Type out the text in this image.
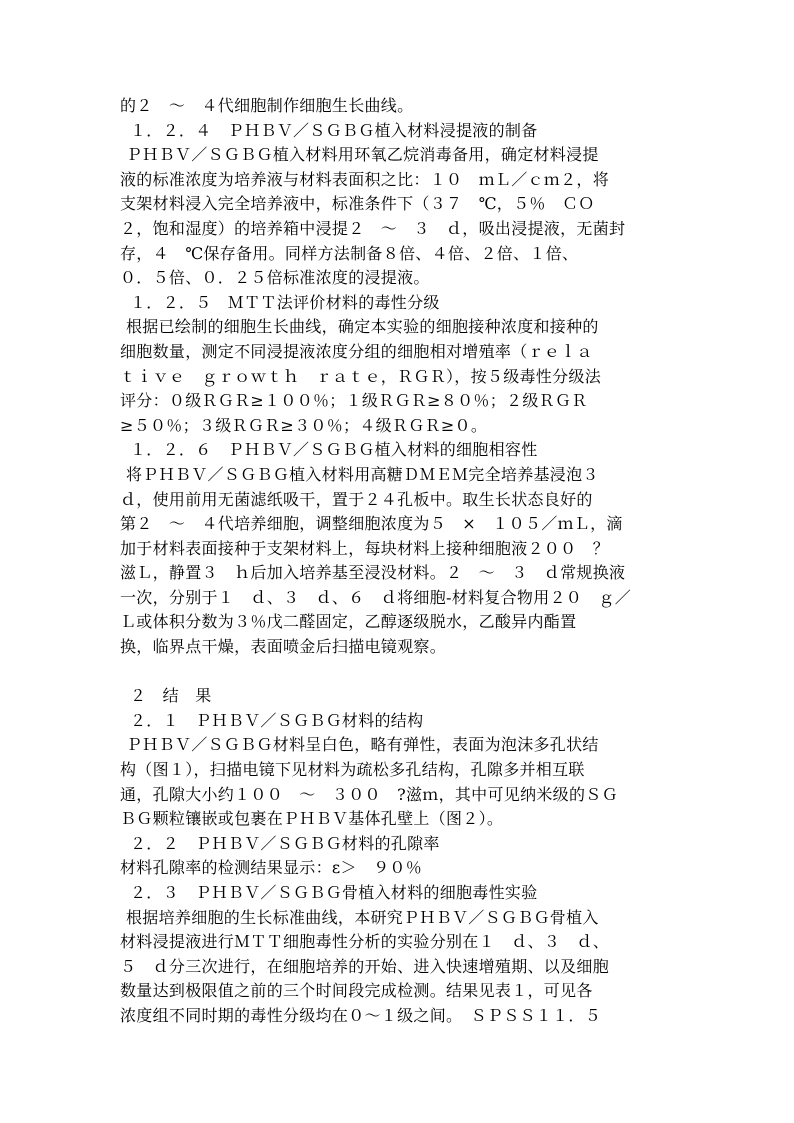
的２　～　４代细胞制作细胞生长曲线。
１．２．４　ＰＨＢＶ／ＳＧＢＧ植入材料浸提液的制备
ＰＨＢＶ／ＳＧＢＧ植入材料用环氧乙烷消毒备用，确定材料浸提
液的标准浓度为培养液与材料表面积之比：１０　ｍＬ／ｃｍ２，将
支架材料浸入完全培养液中，标准条件下（３７　℃，５％　ＣＯ
２，饱和湿度）的培养箱中浸提２　～　３　ｄ，吸出浸提液，无菌封
存，４　℃保存备用。同样方法制备８倍、４倍、２倍、１倍、
０．５倍、０．２５倍标准浓度的浸提液。
１．２．５　ＭＴＴ法评价材料的毒性分级
根据已绘制的细胞生长曲线，确定本实验的细胞接种浓度和接种的
细胞数量，测定不同浸提液浓度分组的细胞相对增殖率（ｒｅｌａ
ｔｉｖｅ　ｇｒｏｗｔｈ　ｒａｔｅ，ＲＧＲ），按５级毒性分级法
评分：０级ＲＧＲ≥１００％；１级ＲＧＲ≥８０％；２级ＲＧＲ
≥５０％；３级ＲＧＲ≥３０％；４级ＲＧＲ≥０。
１．２．６　ＰＨＢＶ／ＳＧＢＧ植入材料的细胞相容性
将ＰＨＢＶ／ＳＧＢＧ植入材料用高糖ＤＭＥＭ完全培养基浸泡３
ｄ，使用前用无菌滤纸吸干，置于２４孔板中。取生长状态良好的
第２　～　４代培养细胞，调整细胞浓度为５　×　１０５／ｍＬ，滴
加于材料表面接种于支架材料上，每块材料上接种细胞液２００　？
滋Ｌ，静置３　ｈ后加入培养基至浸没材料。２　～　３　ｄ常规换液
一次，分别于１　ｄ、３　ｄ、６　ｄ将细胞-材料复合物用２０　ｇ／
Ｌ或体积分数为３％戊二醛固定，乙醇逐级脱水，乙酸异内酯置
换，临界点干燥，表面喷金后扫描电镜观察。
２　结　果
２．１　ＰＨＢＶ／ＳＧＢＧ材料的结构
ＰＨＢＶ／ＳＧＢＧ材料呈白色，略有弹性，表面为泡沫多孔状结
构（图１），扫描电镜下见材料为疏松多孔结构，孔隙多并相互联
通，孔隙大小约１００　～　３００　?滋ｍ，其中可见纳米级的ＳＧ
ＢＧ颗粒镶嵌或包裹在ＰＨＢＶ基体孔壁上（图２）。
２．２　ＰＨＢＶ／ＳＧＢＧ材料的孔隙率
材料孔隙率的检测结果显示：ε＞　９０％
２．３　ＰＨＢＶ／ＳＧＢＧ骨植入材料的细胞毒性实验
根据培养细胞的生长标准曲线，本研究ＰＨＢＶ／ＳＧＢＧ骨植入
材料浸提液进行ＭＴＴ细胞毒性分析的实验分别在１　ｄ、３　ｄ、
５　ｄ分三次进行，在细胞培养的开始、进入快速增殖期、以及细胞
数量达到极限值之前的三个时间段完成检测。结果见表１，可见各
浓度组不同时期的毒性分级均在０～１级之间。　ＳＰＳＳ１１．５
